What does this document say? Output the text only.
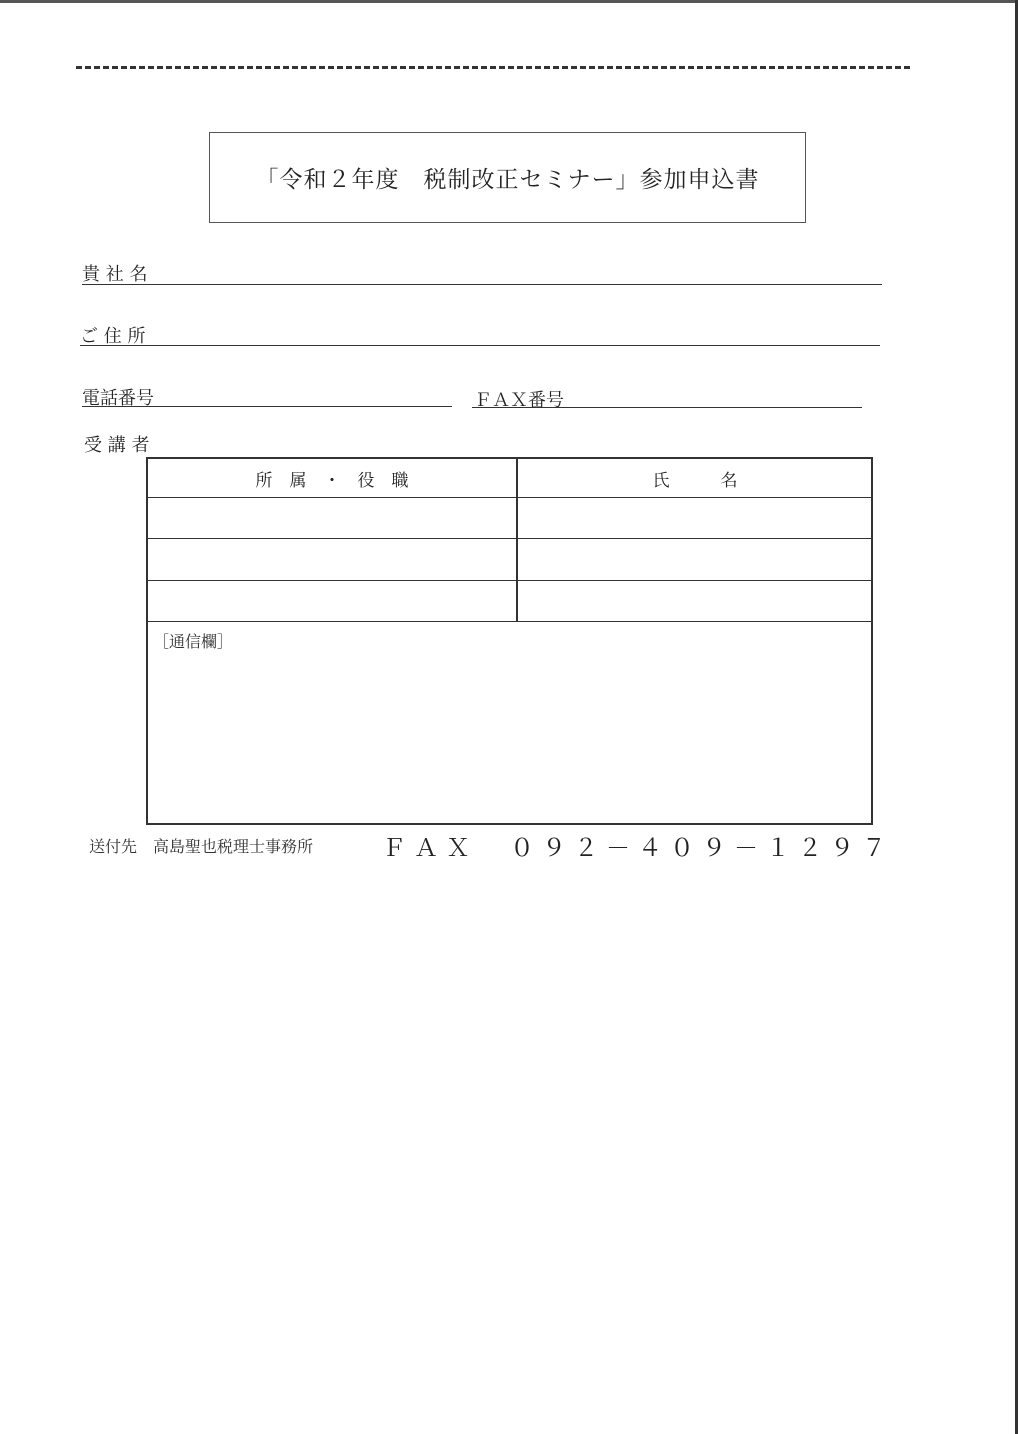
「令和２年度　税制改正セミナー」参加申込書
貴 社 名
ご 住 所
電話番号	ＦＡＸ番号
受 講 者
所　属　・　役　職	氏　　　名
［通信欄］
送付先　高島聖也税理士事務所	ＦＡＸ　０９２－４０９－１２９７
